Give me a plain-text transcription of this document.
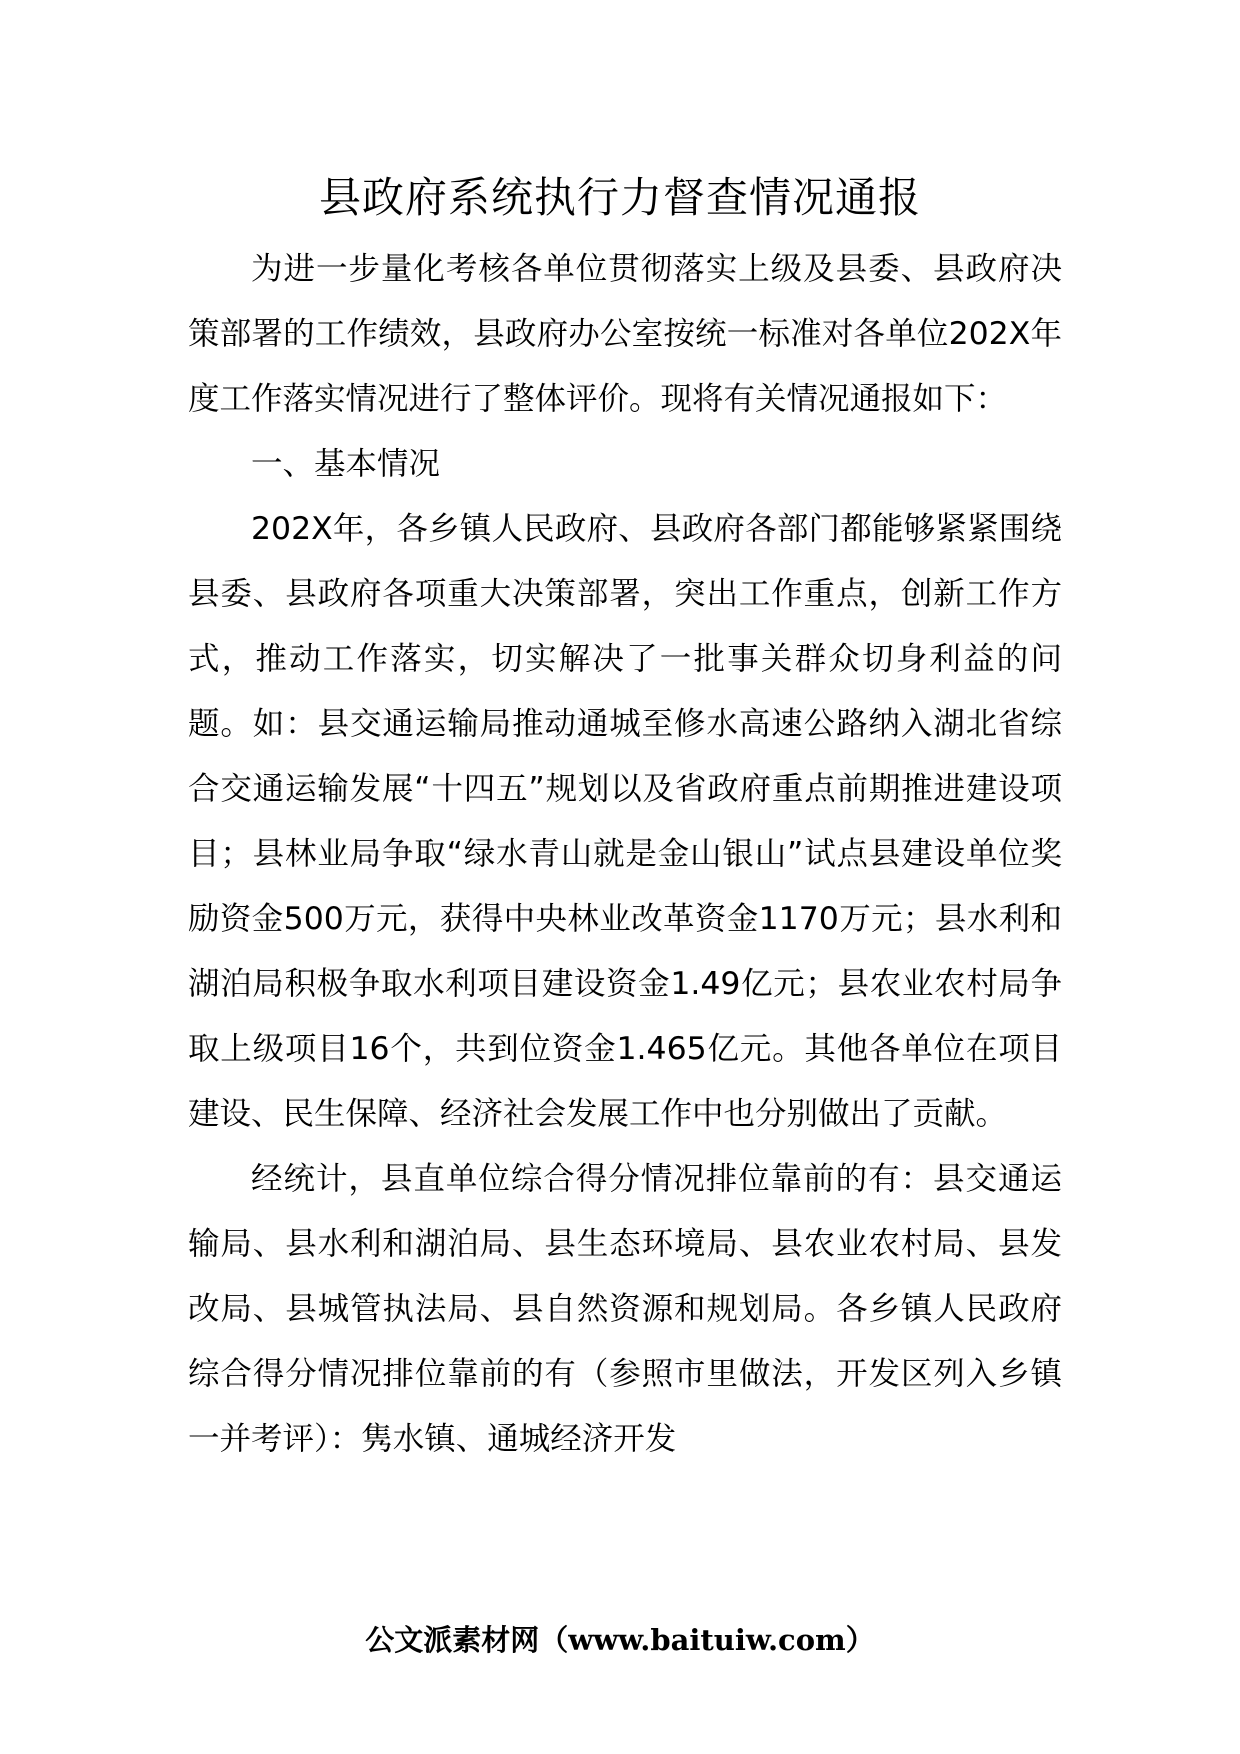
县政府系统执行力督查情况通报

为进一步量化考核各单位贯彻落实上级及县委、县政府决策部署的工作绩效，县政府办公室按统一标准对各单位202X年度工作落实情况进行了整体评价。现将有关情况通报如下：

一、基本情况

202X年，各乡镇人民政府、县政府各部门都能够紧紧围绕县委、县政府各项重大决策部署，突出工作重点，创新工作方式，推动工作落实，切实解决了一批事关群众切身利益的问题。如：县交通运输局推动通城至修水高速公路纳入湖北省综合交通运输发展“十四五”规划以及省政府重点前期推进建设项目；县林业局争取“绿水青山就是金山银山”试点县建设单位奖励资金500万元，获得中央林业改革资金1170万元；县水利和湖泊局积极争取水利项目建设资金1.49亿元；县农业农村局争取上级项目16个，共到位资金1.465亿元。其他各单位在项目建设、民生保障、经济社会发展工作中也分别做出了贡献。

经统计，县直单位综合得分情况排位靠前的有：县交通运输局、县水利和湖泊局、县生态环境局、县农业农村局、县发改局、县城管执法局、县自然资源和规划局。各乡镇人民政府综合得分情况排位靠前的有（参照市里做法，开发区列入乡镇一并考评）：隽水镇、通城经济开发

公文派素材网（www.baituiw.com）
